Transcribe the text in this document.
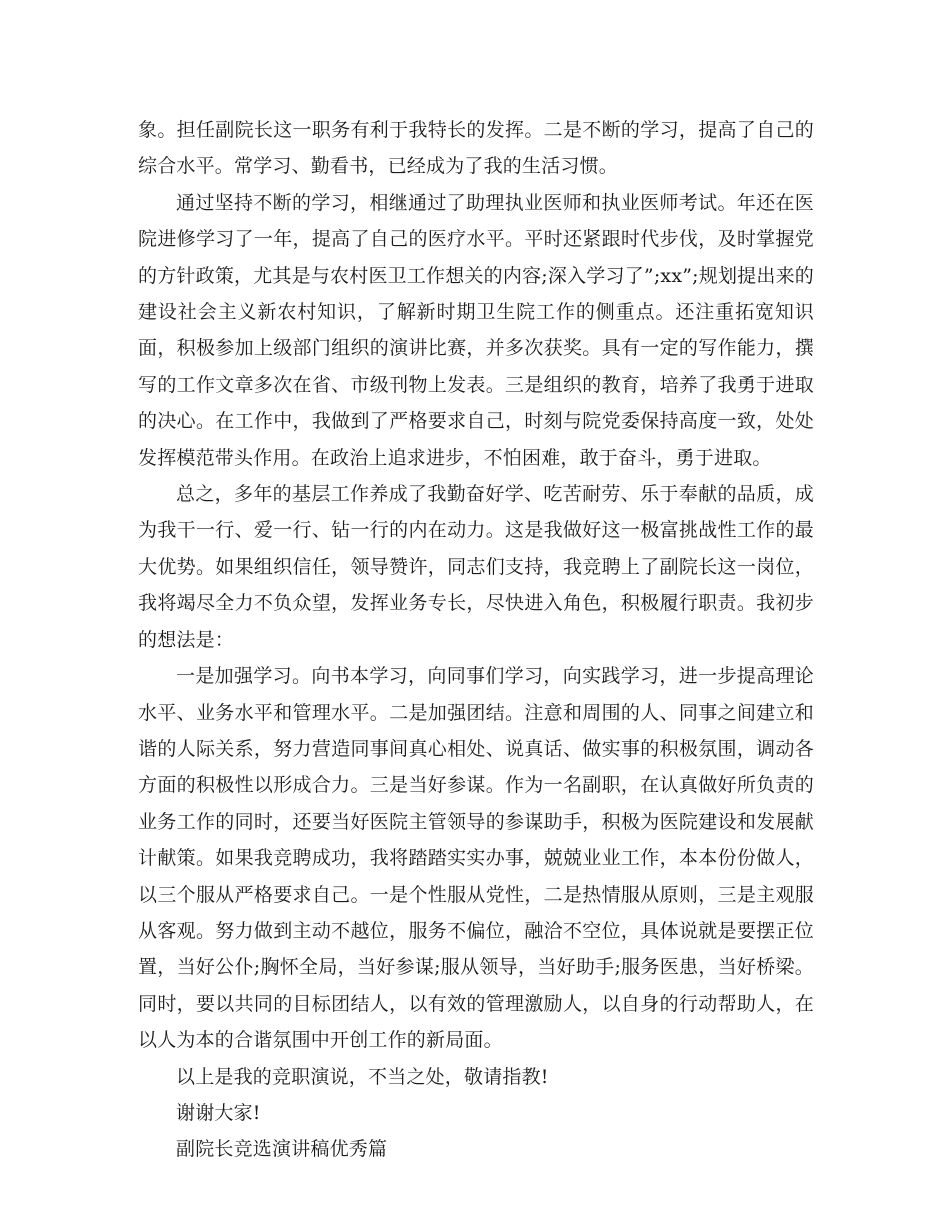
象。担任副院长这一职务有利于我特长的发挥。二是不断的学习，提高了自己的综合水平。常学习、勤看书，已经成为了我的生活习惯。

通过坚持不断的学习，相继通过了助理执业医师和执业医师考试。年还在医院进修学习了一年，提高了自己的医疗水平。平时还紧跟时代步伐，及时掌握党的方针政策，尤其是与农村医卫工作想关的内容;深入学习了”;xx”;规划提出来的建设社会主义新农村知识，了解新时期卫生院工作的侧重点。还注重拓宽知识面，积极参加上级部门组织的演讲比赛，并多次获奖。具有一定的写作能力，撰写的工作文章多次在省、市级刊物上发表。三是组织的教育，培养了我勇于进取的决心。在工作中，我做到了严格要求自己，时刻与院党委保持高度一致，处处发挥模范带头作用。在政治上追求进步，不怕困难，敢于奋斗，勇于进取。

总之，多年的基层工作养成了我勤奋好学、吃苦耐劳、乐于奉献的品质，成为我干一行、爱一行、钻一行的内在动力。这是我做好这一极富挑战性工作的最大优势。如果组织信任，领导赞许，同志们支持，我竞聘上了副院长这一岗位，我将竭尽全力不负众望，发挥业务专长，尽快进入角色，积极履行职责。我初步的想法是：

一是加强学习。向书本学习，向同事们学习，向实践学习，进一步提高理论水平、业务水平和管理水平。二是加强团结。注意和周围的人、同事之间建立和谐的人际关系，努力营造同事间真心相处、说真话、做实事的积极氛围，调动各方面的积极性以形成合力。三是当好参谋。作为一名副职，在认真做好所负责的业务工作的同时，还要当好医院主管领导的参谋助手，积极为医院建设和发展献计献策。如果我竞聘成功，我将踏踏实实办事，兢兢业业工作，本本份份做人，以三个服从严格要求自己。一是个性服从党性，二是热情服从原则，三是主观服从客观。努力做到主动不越位，服务不偏位，融洽不空位，具体说就是要摆正位置，当好公仆;胸怀全局，当好参谋;服从领导，当好助手;服务医患，当好桥梁。同时，要以共同的目标团结人，以有效的管理激励人，以自身的行动帮助人，在以人为本的合谐氛围中开创工作的新局面。

以上是我的竞职演说，不当之处，敬请指教!

谢谢大家!

副院长竞选演讲稿优秀篇
